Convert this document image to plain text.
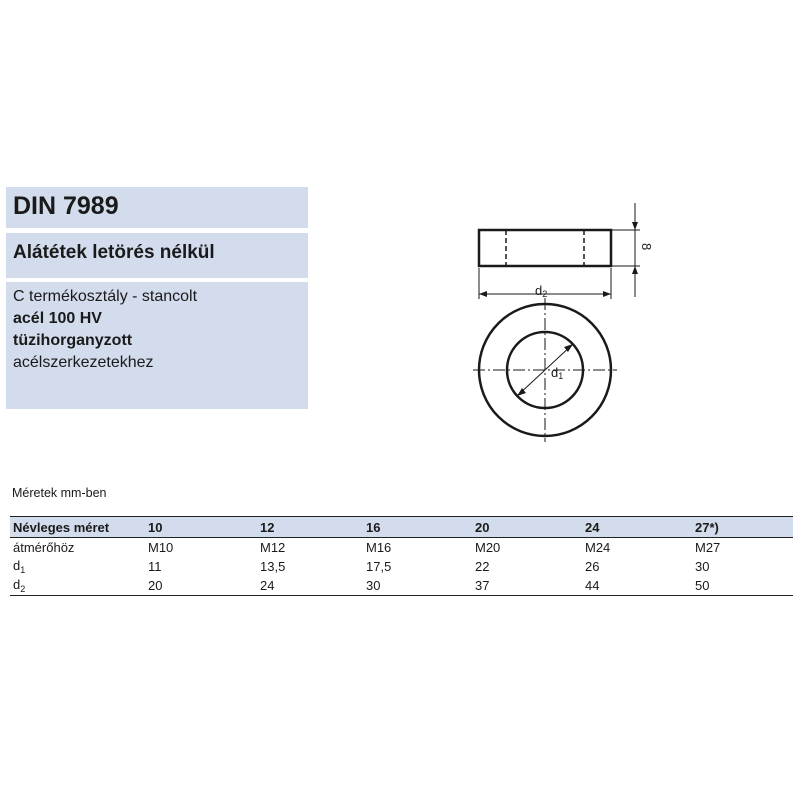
DIN 7989
Alátétek letörés nélkül
C termékosztály - stancolt
acél 100 HV
tüzihorganyzott
acélszerkezetekhez
8
d2
d1
Méretek mm-ben
Névleges méret	10	12	16	20	24	27*)
átmérőhöz	M10	M12	M16	M20	M24	M27
$d_1$	11	13,5	17,5	22	26	30
$d_2$	20	24	30	37	44	50
